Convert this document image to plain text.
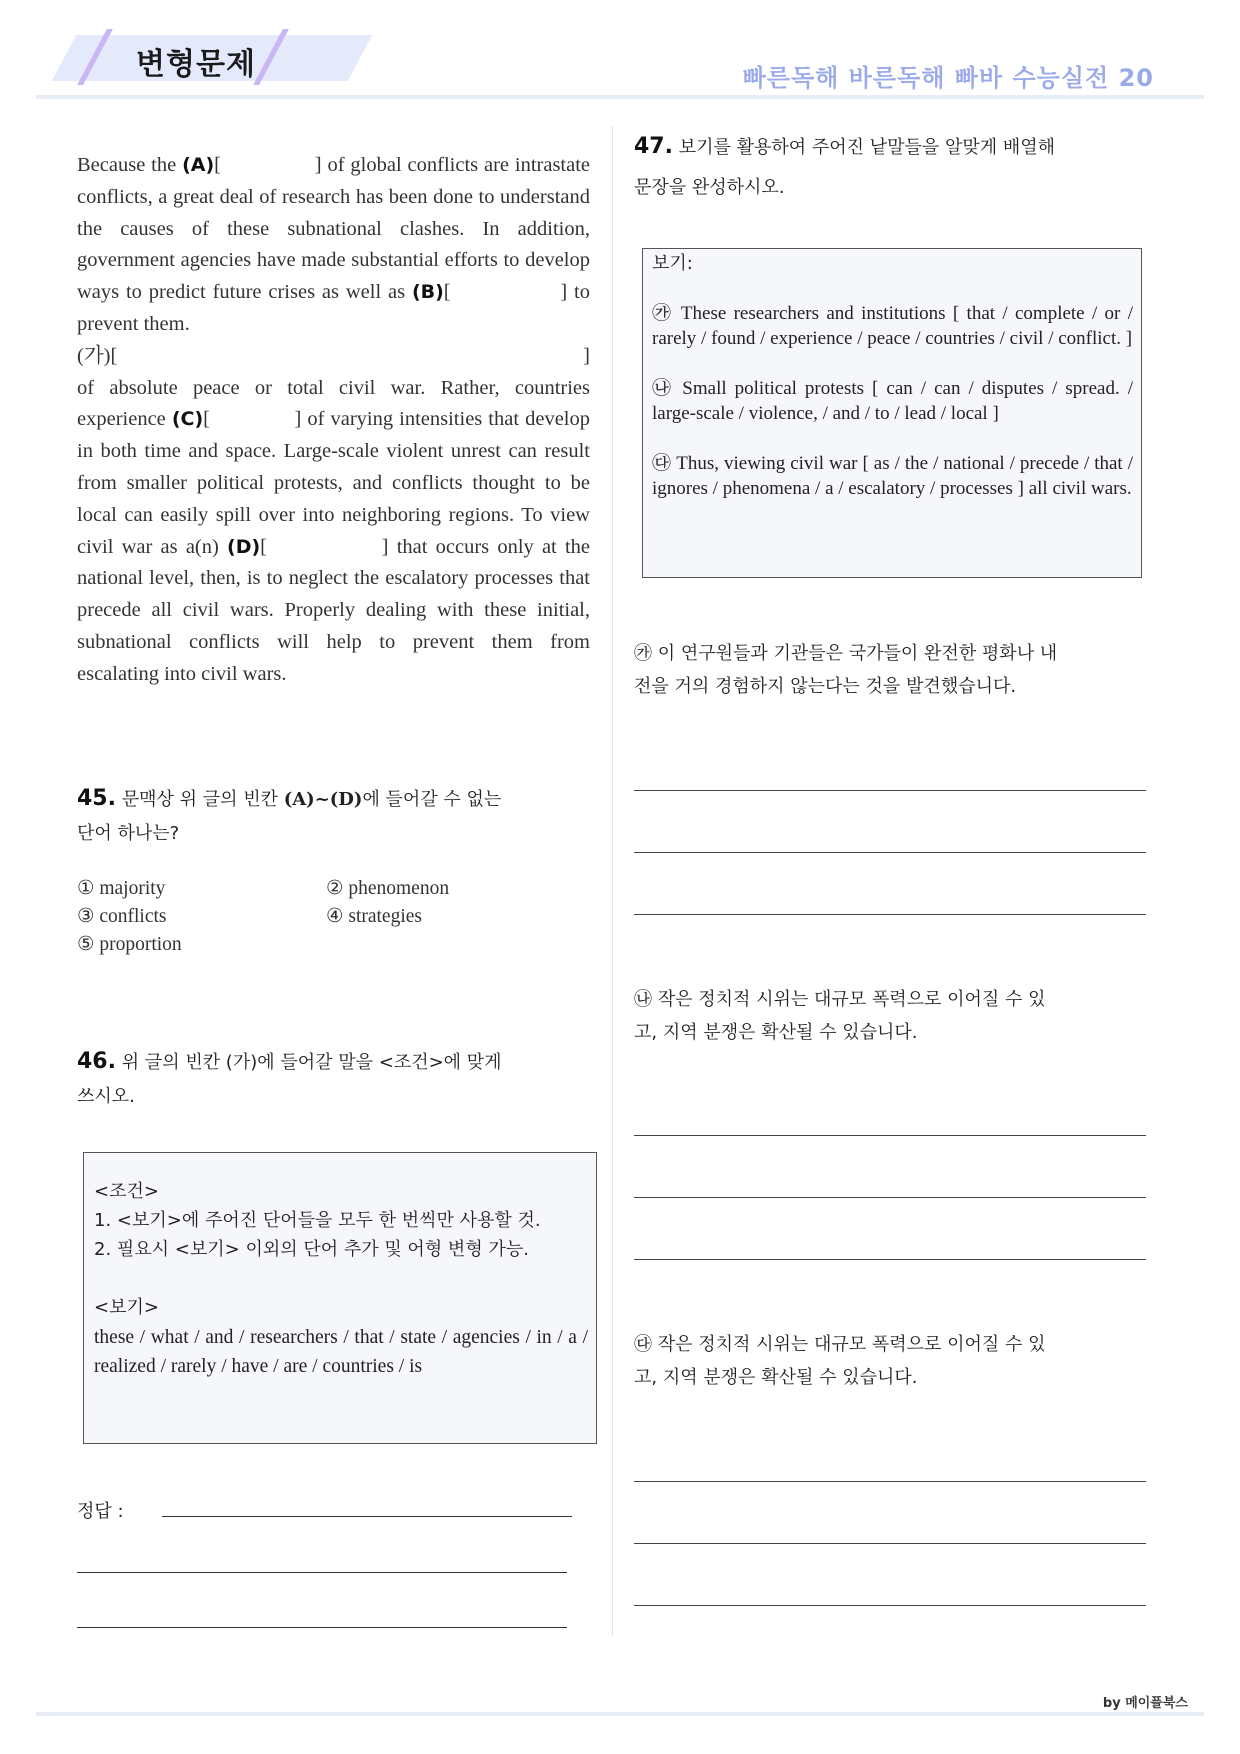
변형문제	빠른독해 바른독해 빠바 수능실전 20
Because the (A)[                ] of global conflicts are intrastate conflicts, a great deal of research has been done to understand the causes of these subnational clashes. In addition, government agencies have made substantial efforts to develop ways to predict future crises as well as (B)[                ] to prevent them.
(가)[	]
of absolute peace or total civil war. Rather, countries experience (C)[              ] of varying intensities that develop in both time and space. Large-scale violent unrest can result from smaller political protests, and conflicts thought to be local can easily spill over into neighboring regions. To view civil war as a(n) (D)[              ] that occurs only at the national level, then, is to neglect the escalatory processes that precede all civil wars. Properly dealing with these initial, subnational conflicts will help to prevent them from escalating into civil wars.
45. 문맥상 위 글의 빈칸 (A)~(D)에 들어갈 수 없는
단어 하나는?
① majority	② phenomenon
③ conflicts	④ strategies
⑤ proportion
46. 위 글의 빈칸 (가)에 들어갈 말을 <조건>에 맞게
쓰시오.
<조건>
1. <보기>에 주어진 단어들을 모두 한 번씩만 사용할 것.
2. 필요시 <보기> 이외의 단어 추가 및 어형 변형 가능.
<보기>
these / what / and / researchers / that / state / agencies / in / a / realized / rarely / have / are / countries / is
정답 :
47. 보기를 활용하여 주어진 낱말들을 알맞게 배열해
문장을 완성하시오.
보기:
㉮ These researchers and institutions [ that / complete / or / rarely / found / experience / peace / countries / civil / conflict. ]
㉯ Small political protests [ can / can / disputes / spread. / large-scale / violence, / and / to / lead / local ]
㉰ Thus, viewing civil war [ as / the / national / precede / that / ignores / phenomena / a / escalatory / processes ] all civil wars.
㉮ 이 연구원들과 기관들은 국가들이 완전한 평화나 내
전을 거의 경험하지 않는다는 것을 발견했습니다.
㉯ 작은 정치적 시위는 대규모 폭력으로 이어질 수 있
고, 지역 분쟁은 확산될 수 있습니다.
㉰ 작은 정치적 시위는 대규모 폭력으로 이어질 수 있
고, 지역 분쟁은 확산될 수 있습니다.
by 메이플북스
